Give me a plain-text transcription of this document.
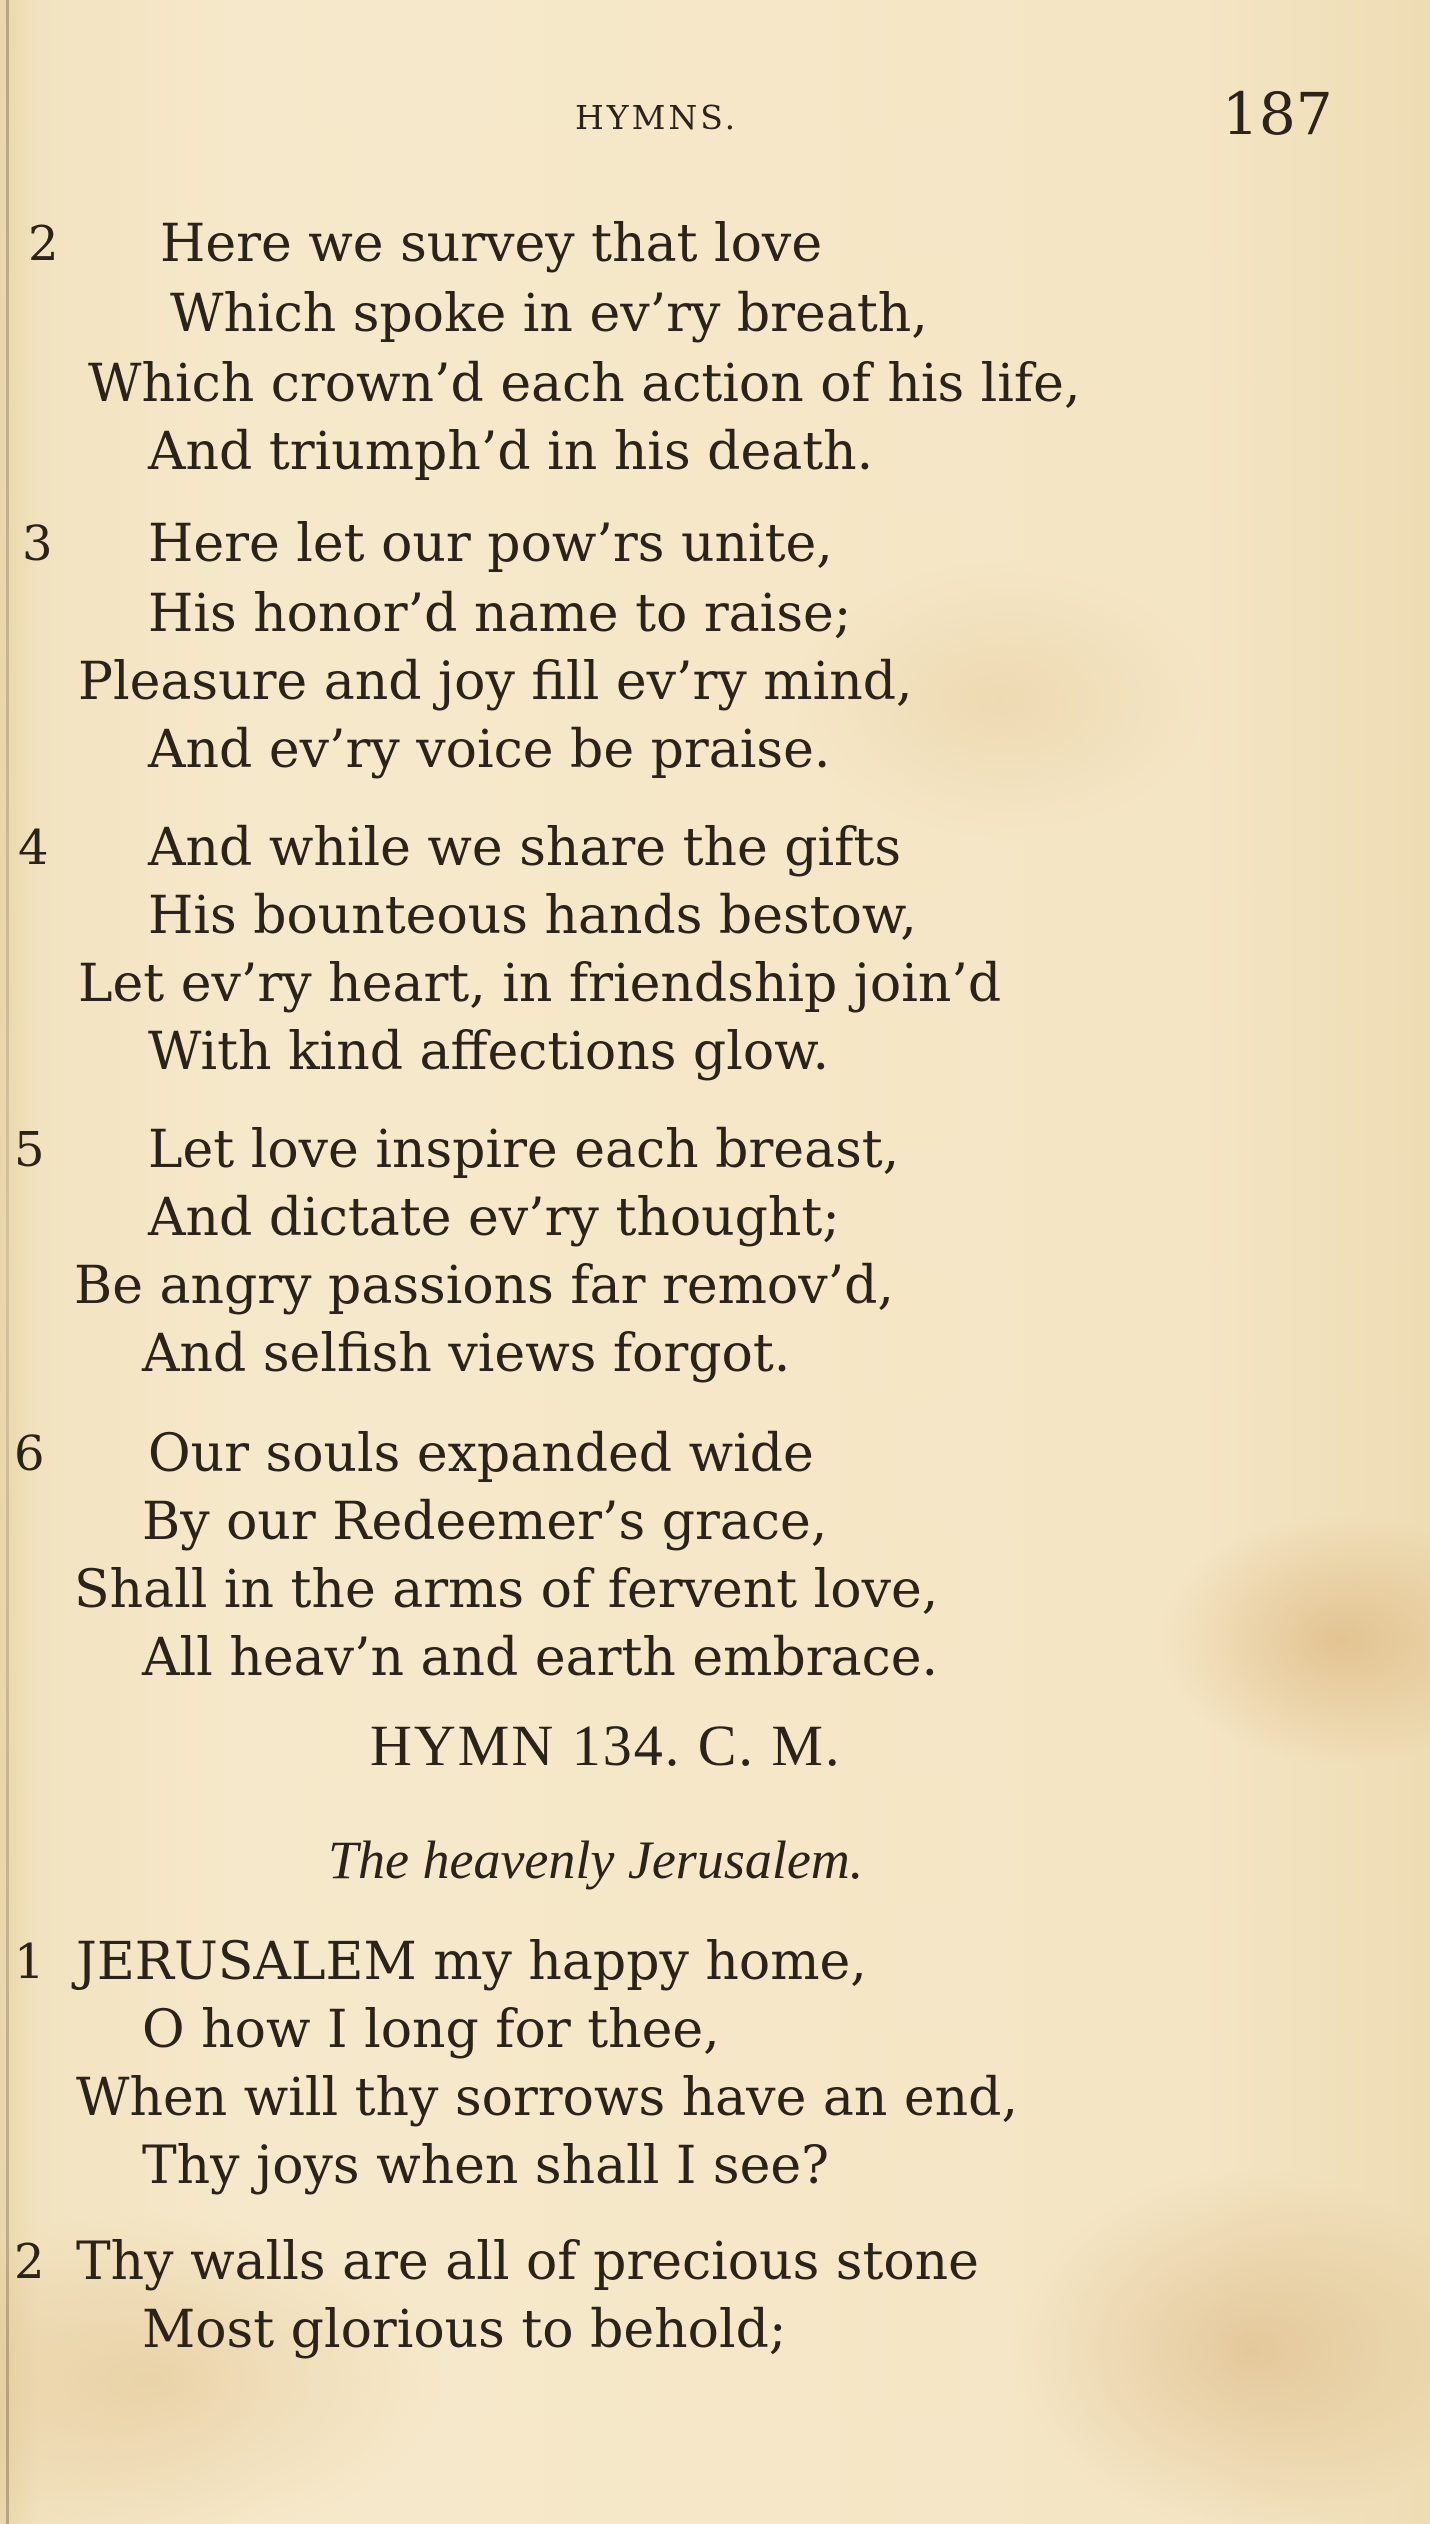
HYMNS.	187
2 Here we survey that love
Which spoke in ev’ry breath,
Which crown’d each action of his life,
And triumph’d in his death.
3 Here let our pow’rs unite,
His honor’d name to raise;
Pleasure and joy fill ev’ry mind,
And ev’ry voice be praise.
4 And while we share the gifts
His bounteous hands bestow,
Let ev’ry heart, in friendship join’d
With kind affections glow.
5 Let love inspire each breast,
And dictate ev’ry thought;
Be angry passions far remov’d,
And selfish views forgot.
6 Our souls expanded wide
By our Redeemer’s grace,
Shall in the arms of fervent love,
All heav’n and earth embrace.
HYMN 134. C. M.
The heavenly Jerusalem.
1 JERUSALEM my happy home,
O how I long for thee,
When will thy sorrows have an end,
Thy joys when shall I see?
2 Thy walls are all of precious stone
Most glorious to behold;
